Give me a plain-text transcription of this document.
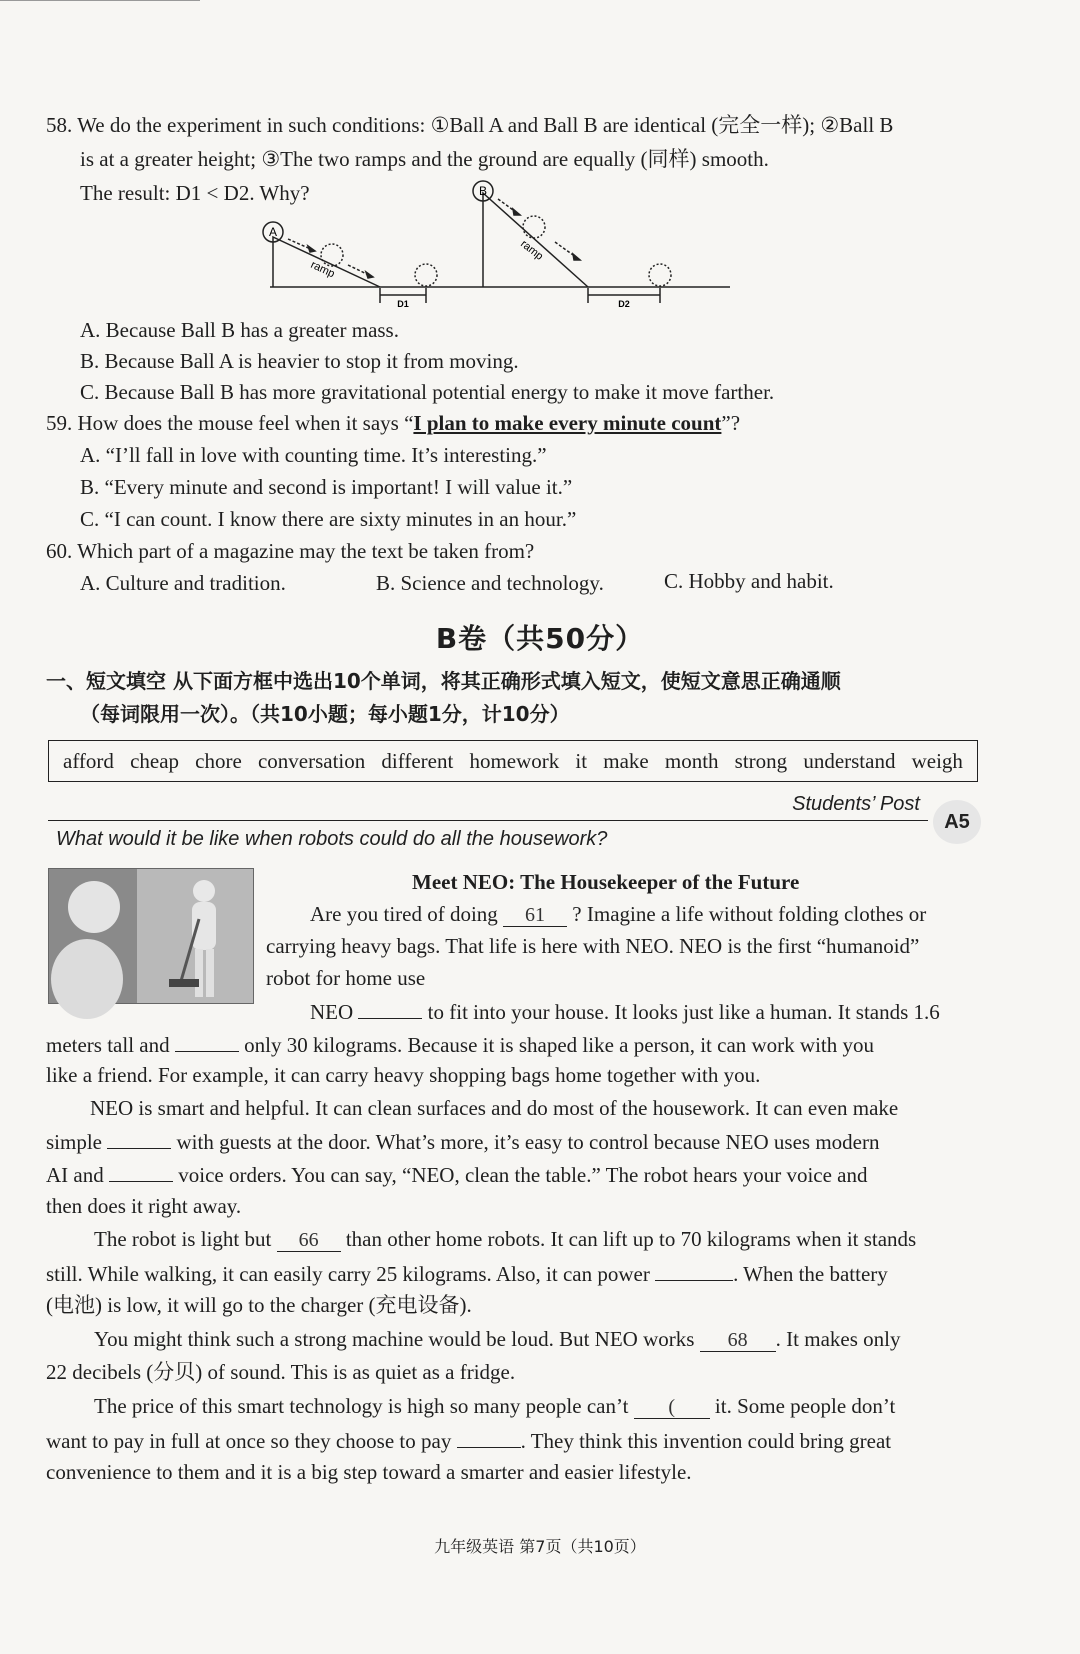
58. We do the experiment in such conditions: ①Ball A and Ball B are identical (完全一样); ②Ball B
is at a greater height; ③The two ramps and the ground are equally (同样) smooth.
The result: D1 < D2. Why?
A
B
ramp
ramp
D1	D2
A. Because Ball B has a greater mass.
B. Because Ball A is heavier to stop it from moving.
C. Because Ball B has more gravitational potential energy to make it move farther.
59. How does the mouse feel when it says “I plan to make every minute count”?
A. “I’ll fall in love with counting time. It’s interesting.”
B. “Every minute and second is important! I will value it.”
C. “I can count. I know there are sixty minutes in an hour.”
60. Which part of a magazine may the text be taken from?
A. Culture and tradition.	B. Science and technology.	C. Hobby and habit.
B卷（共50分）
一、短文填空 从下面方框中选出10个单词，将其正确形式填入短文，使短文意思正确通顺
（每词限用一次）。（共10小题；每小题1分，计10分）
afford cheap chore conversation different homework it make month strong understand weigh
Students’ Post
A5
What would it be like when robots could do all the housework?
Meet NEO: The Housekeeper of the Future
Are you tired of doing 61 ? Imagine a life without folding clothes or
carrying heavy bags. That life is here with NEO. NEO is the first “humanoid”
robot for home use
NEO	to fit into your house. It looks just like a human. It stands 1.6
meters tall and	only 30 kilograms. Because it is shaped like a person, it can work with you
like a friend. For example, it can carry heavy shopping bags home together with you.
NEO is smart and helpful. It can clean surfaces and do most of the housework. It can even make
simple	with guests at the door. What’s more, it’s easy to control because NEO uses modern
AI and	voice orders. You can say, “NEO, clean the table.” The robot hears your voice and
then does it right away.
The robot is light but 66 than other home robots. It can lift up to 70 kilograms when it stands
still. While walking, it can easily carry 25 kilograms. Also, it can power	. When the battery
(电池) is low, it will go to the charger (充电设备).
You might think such a strong machine would be loud. But NEO works 68 . It makes only
22 decibels (分贝) of sound. This is as quiet as a fridge.
The price of this smart technology is high so many people can’t ( it. Some people don’t
want to pay in full at once so they choose to pay	. They think this invention could bring great
convenience to them and it is a big step toward a smarter and easier lifestyle.
九年级英语 第7页（共10页）
